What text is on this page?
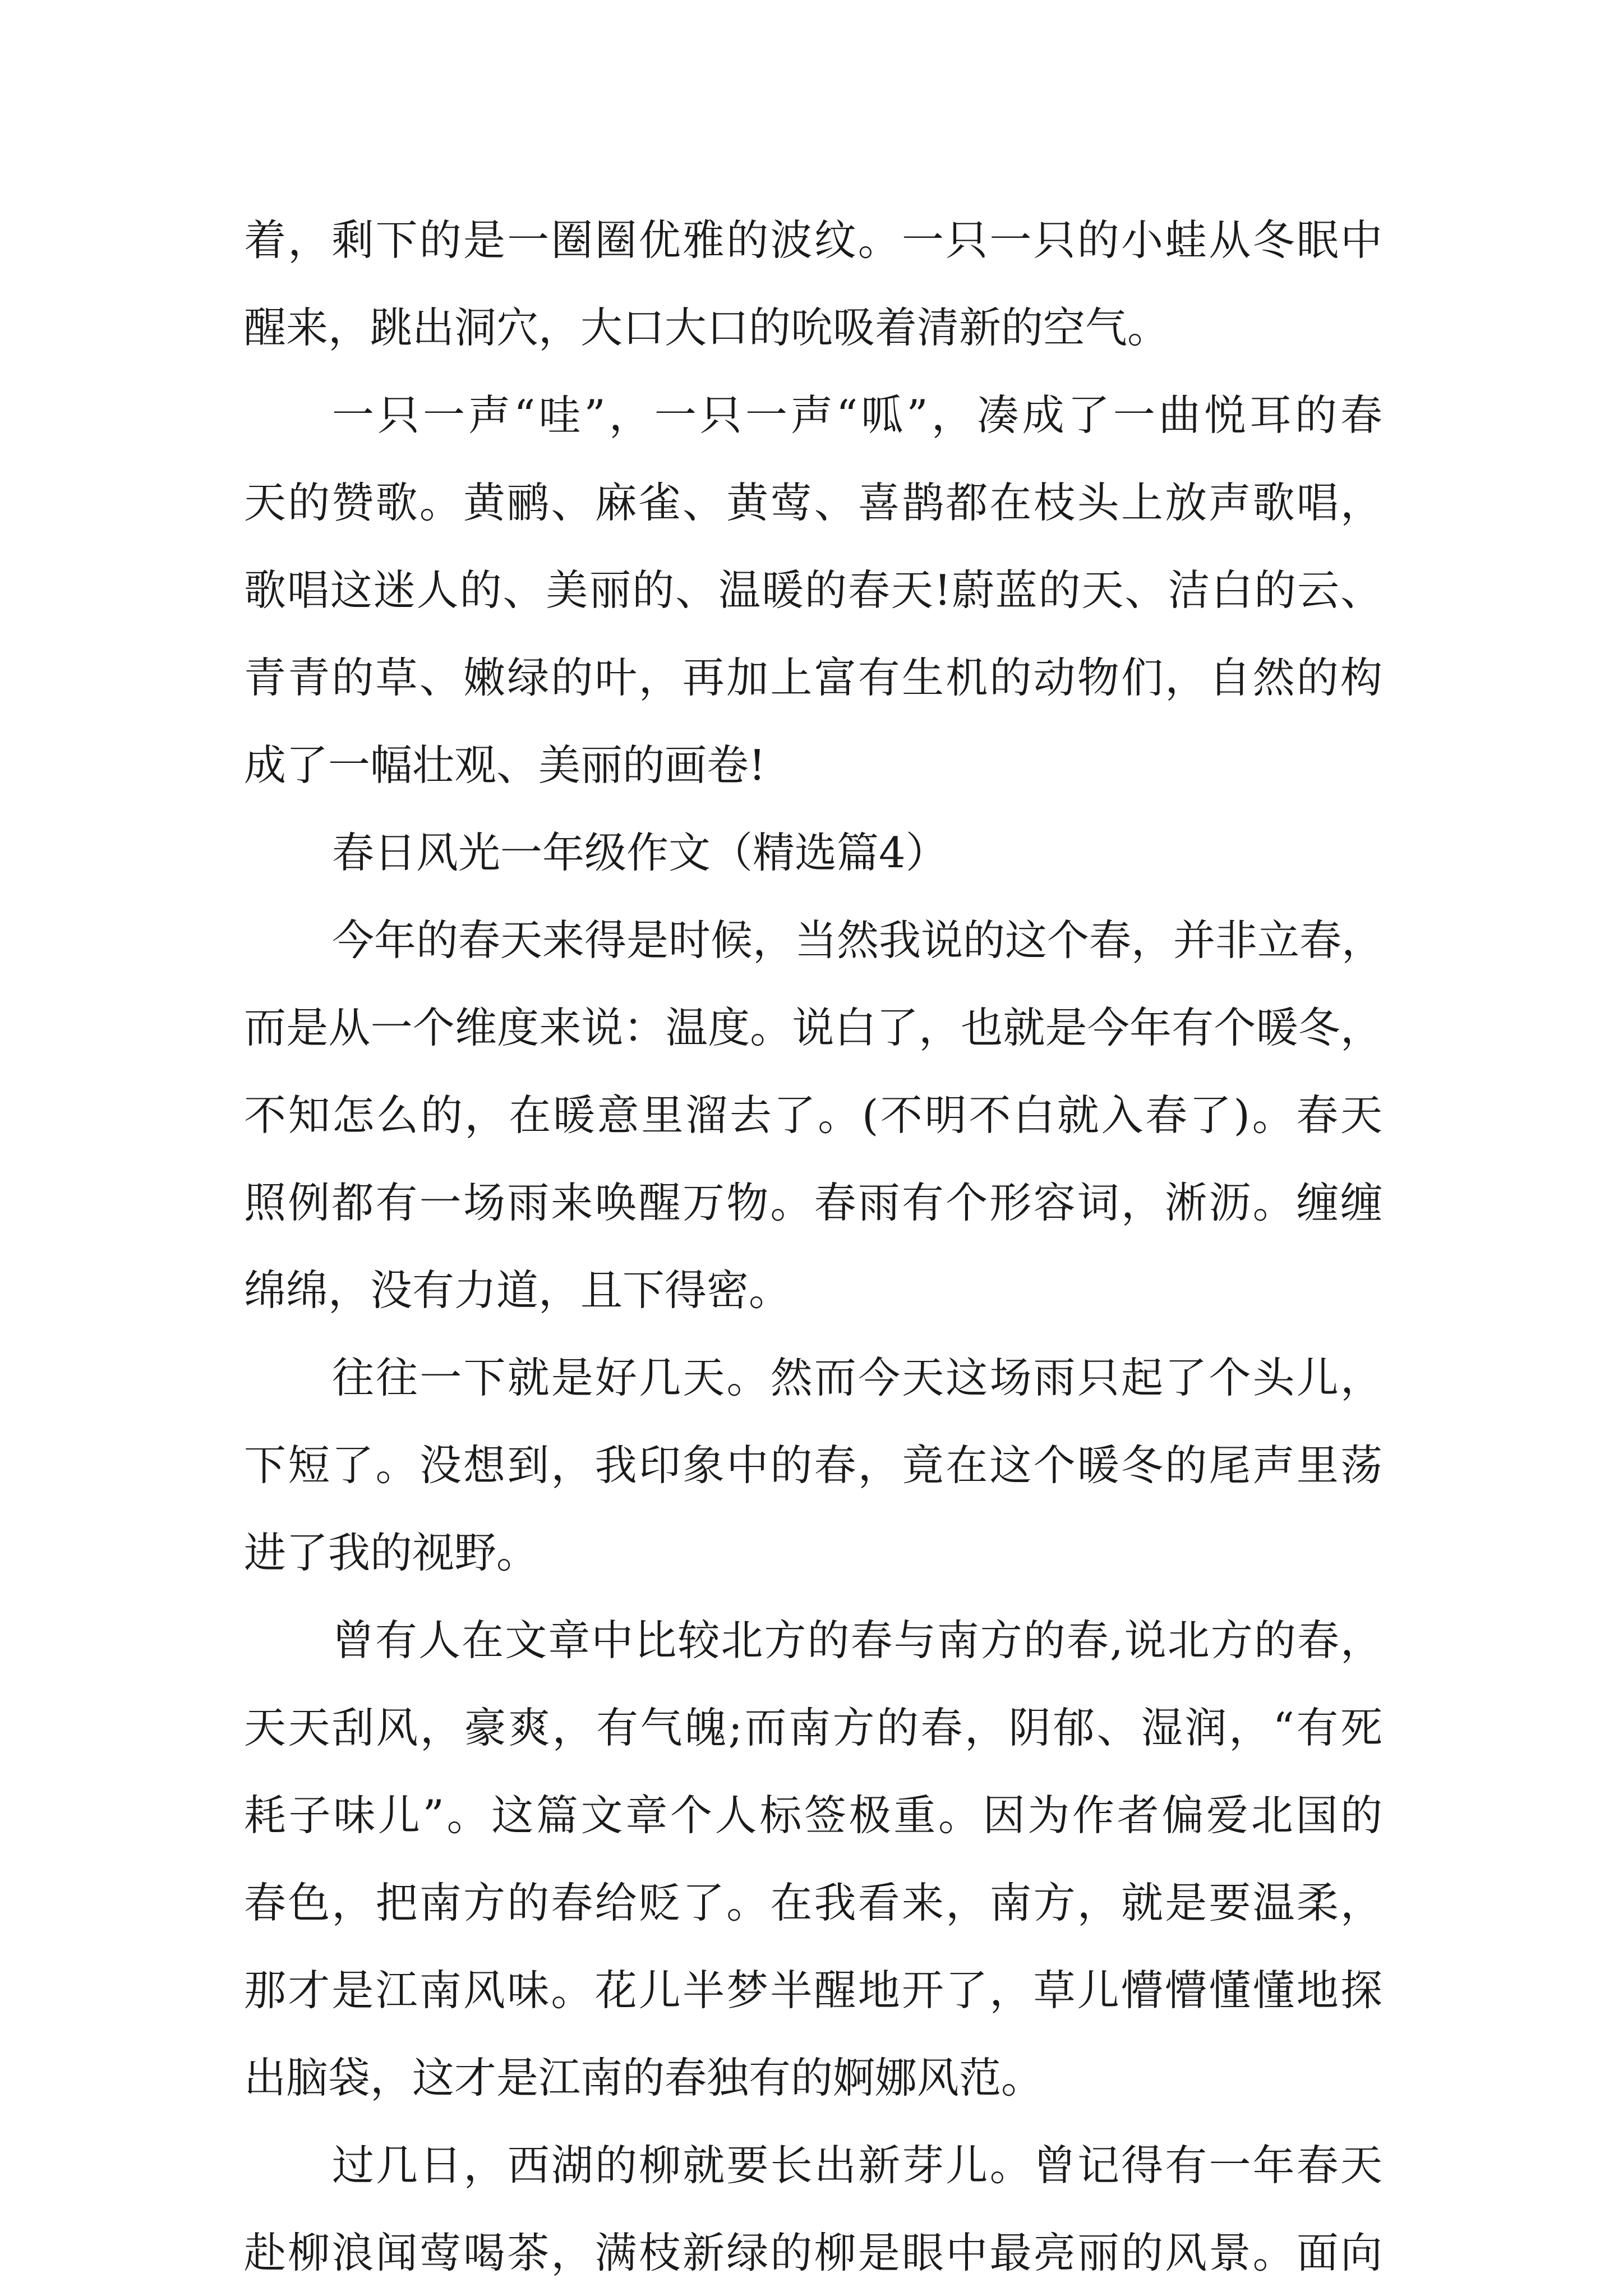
着，剩下的是一圈圈优雅的波纹。一只一只的小蛙从冬眠中
醒来，跳出洞穴，大口大口的吮吸着清新的空气。
一只一声“哇”，一只一声“呱”，凑成了一曲悦耳的春
天的赞歌。黄鹂、麻雀、黄莺、喜鹊都在枝头上放声歌唱，
歌唱这迷人的、美丽的、温暖的春天!蔚蓝的天、洁白的云、
青青的草、嫩绿的叶，再加上富有生机的动物们，自然的构
成了一幅壮观、美丽的画卷!
春日风光一年级作文（精选篇4）
今年的春天来得是时候，当然我说的这个春，并非立春，
而是从一个维度来说：温度。说白了，也就是今年有个暖冬，
不知怎么的，在暖意里溜去了。(不明不白就入春了)。春天
照例都有一场雨来唤醒万物。春雨有个形容词，淅沥。缠缠
绵绵，没有力道，且下得密。
往往一下就是好几天。然而今天这场雨只起了个头儿，
下短了。没想到，我印象中的春，竟在这个暖冬的尾声里荡
进了我的视野。
曾有人在文章中比较北方的春与南方的春,说北方的春，
天天刮风，豪爽，有气魄;而南方的春，阴郁、湿润，“有死
耗子味儿”。这篇文章个人标签极重。因为作者偏爱北国的
春色，把南方的春给贬了。在我看来，南方，就是要温柔，
那才是江南风味。花儿半梦半醒地开了，草儿懵懵懂懂地探
出脑袋，这才是江南的春独有的婀娜风范。
过几日，西湖的柳就要长出新芽儿。曾记得有一年春天
赴柳浪闻莺喝茶，满枝新绿的柳是眼中最亮丽的风景。面向
